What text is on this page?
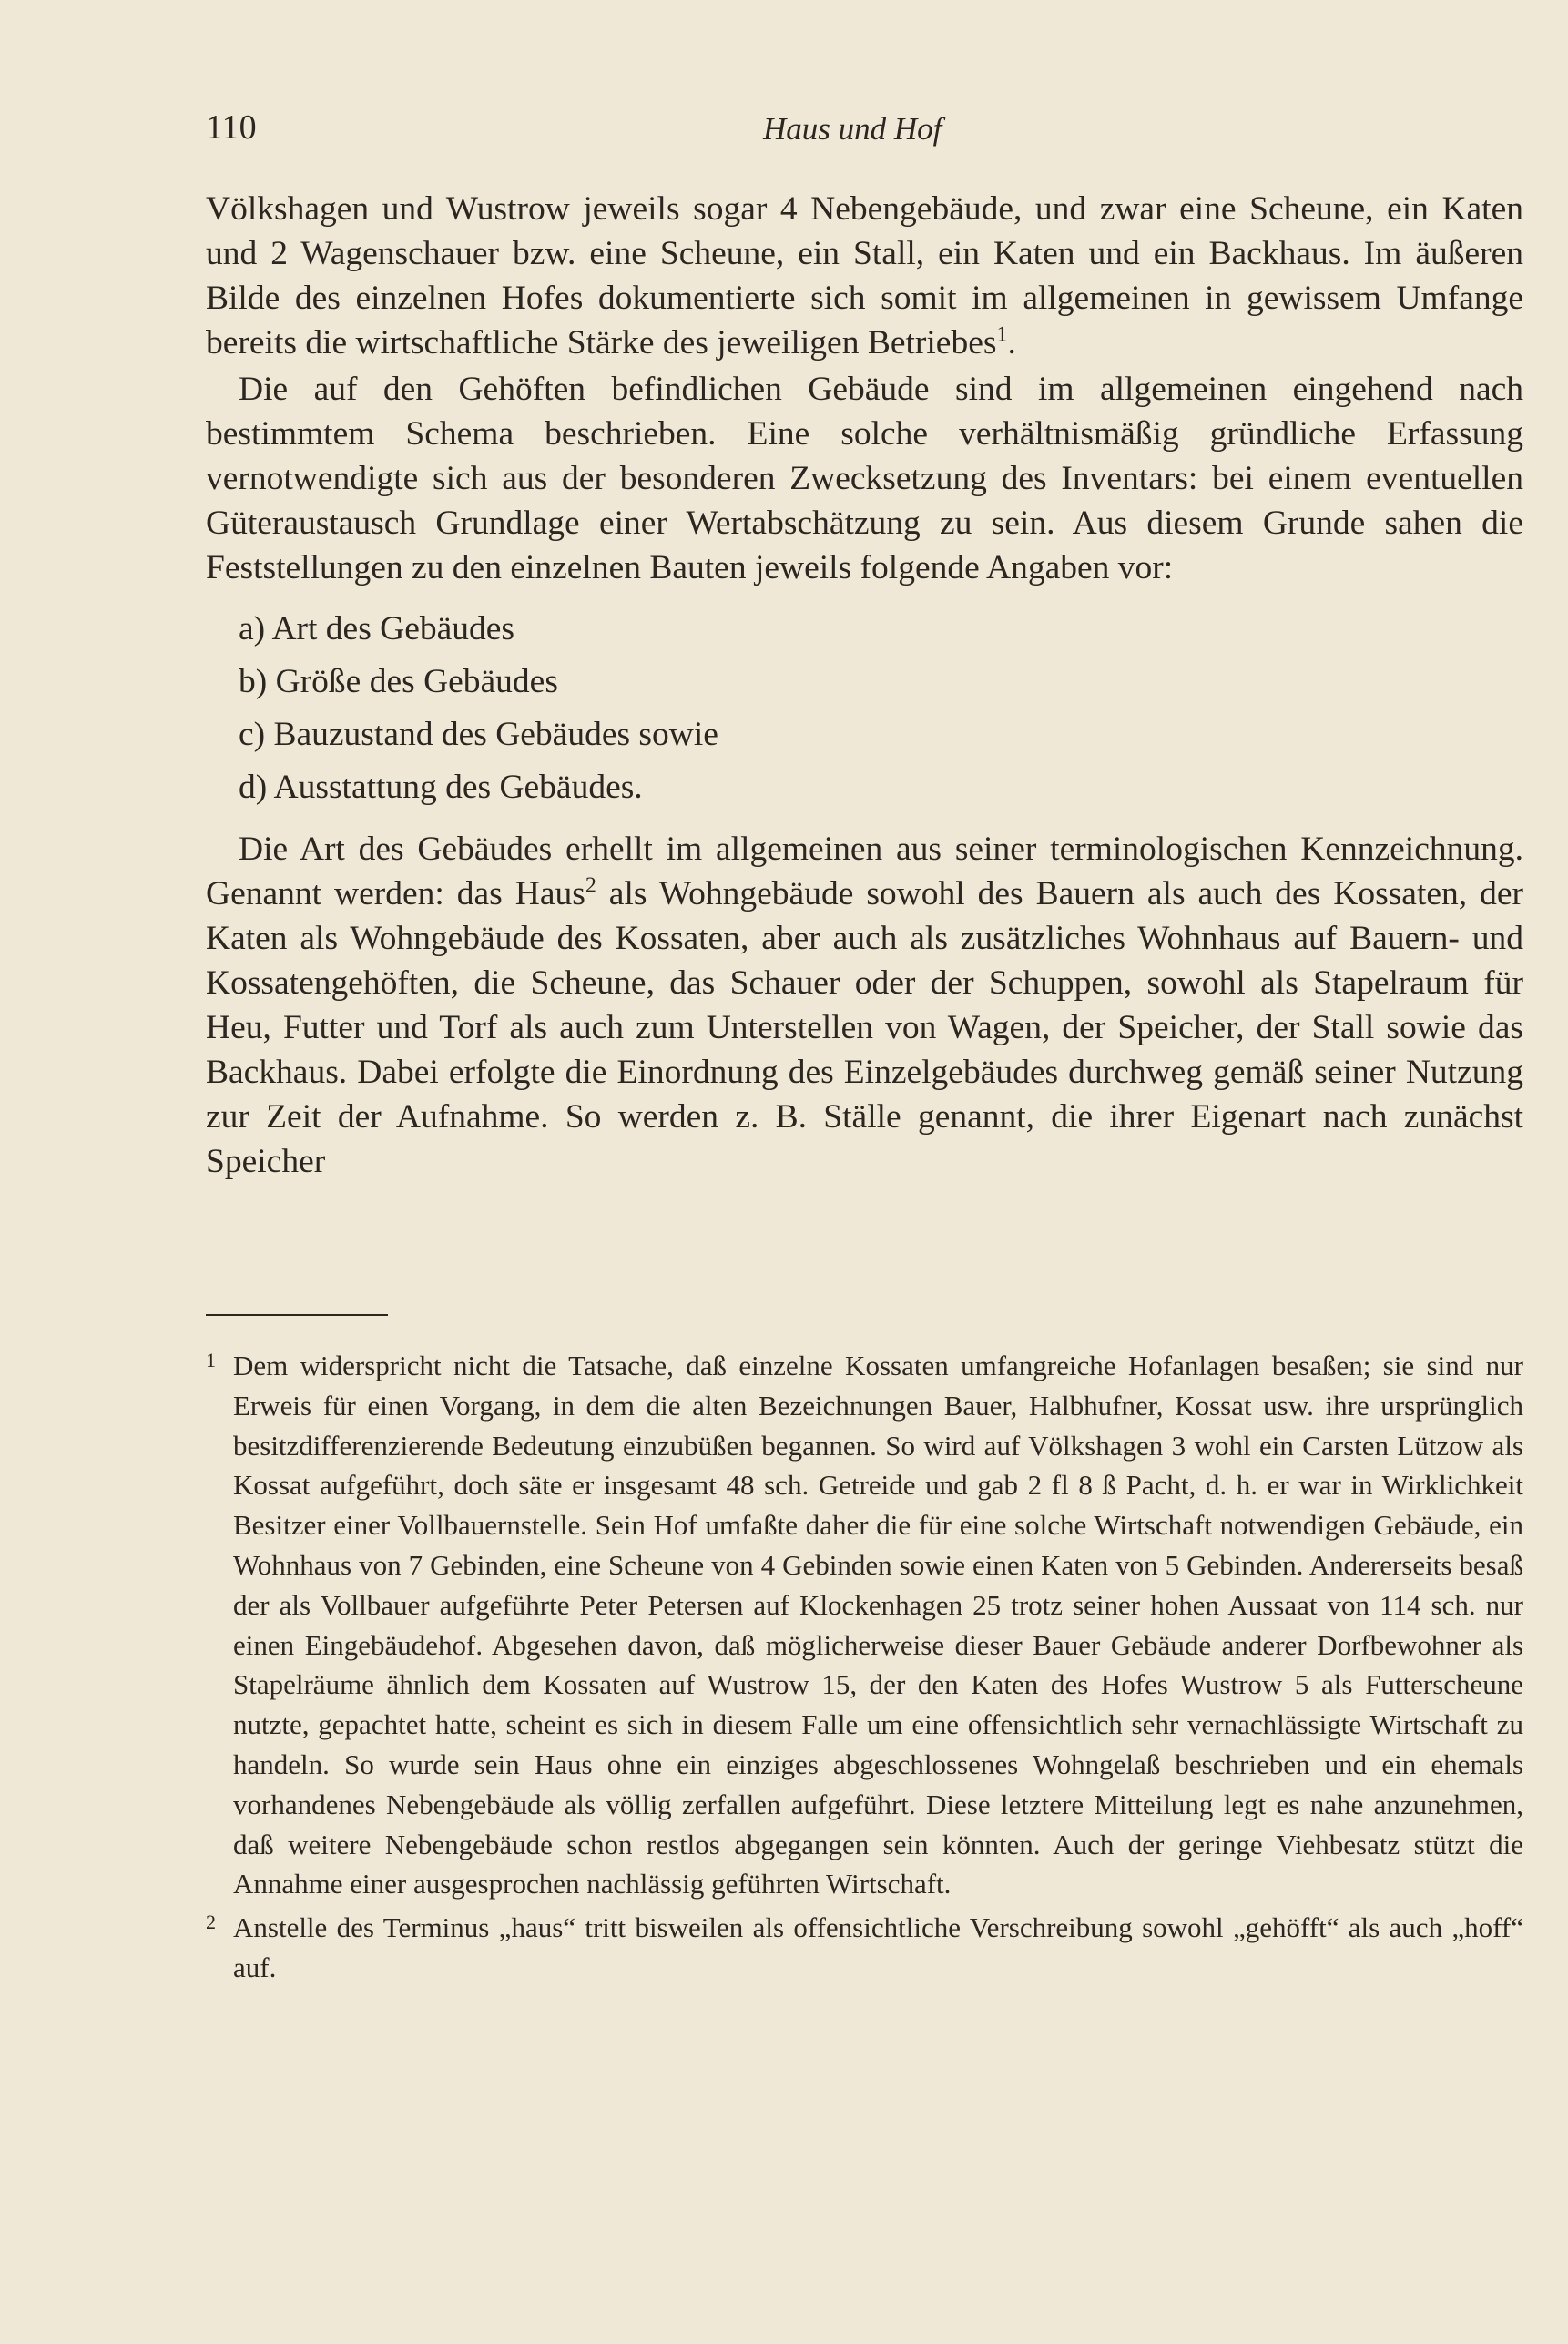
110	Haus und Hof

Völkshagen und Wustrow jeweils sogar 4 Nebengebäude, und zwar eine Scheune, ein Katen und 2 Wagenschauer bzw. eine Scheune, ein Stall, ein Katen und ein Backhaus. Im äußeren Bilde des einzelnen Hofes dokumentierte sich somit im allgemeinen in gewissem Umfange bereits die wirtschaftliche Stärke des jeweiligen Betriebes$^1$.

Die auf den Gehöften befindlichen Gebäude sind im allgemeinen eingehend nach bestimmtem Schema beschrieben. Eine solche verhältnismäßig gründliche Erfassung vernotwendigte sich aus der besonderen Zwecksetzung des Inventars: bei einem eventuellen Güteraustausch Grundlage einer Wertabschätzung zu sein. Aus diesem Grunde sahen die Feststellungen zu den einzelnen Bauten jeweils folgende Angaben vor:

a) Art des Gebäudes
b) Größe des Gebäudes
c) Bauzustand des Gebäudes sowie
d) Ausstattung des Gebäudes.

Die Art des Gebäudes erhellt im allgemeinen aus seiner terminologischen Kennzeichnung. Genannt werden: das Haus$^2$ als Wohngebäude sowohl des Bauern als auch des Kossaten, der Katen als Wohngebäude des Kossaten, aber auch als zusätzliches Wohnhaus auf Bauern- und Kossatengehöften, die Scheune, das Schauer oder der Schuppen, sowohl als Stapelraum für Heu, Futter und Torf als auch zum Unterstellen von Wagen, der Speicher, der Stall sowie das Backhaus. Dabei erfolgte die Einordnung des Einzelgebäudes durchweg gemäß seiner Nutzung zur Zeit der Aufnahme. So werden z. B. Ställe genannt, die ihrer Eigenart nach zunächst Speicher

1 Dem widerspricht nicht die Tatsache, daß einzelne Kossaten umfangreiche Hofanlagen besaßen; sie sind nur Erweis für einen Vorgang, in dem die alten Bezeichnungen Bauer, Halbhufner, Kossat usw. ihre ursprünglich besitzdifferenzierende Bedeutung einzubüßen begannen. So wird auf Völkshagen 3 wohl ein Carsten Lützow als Kossat aufgeführt, doch säte er insgesamt 48 sch. Getreide und gab 2 fl 8 ß Pacht, d. h. er war in Wirklichkeit Besitzer einer Vollbauernstelle. Sein Hof umfaßte daher die für eine solche Wirtschaft notwendigen Gebäude, ein Wohnhaus von 7 Gebinden, eine Scheune von 4 Gebinden sowie einen Katen von 5 Gebinden. Andererseits besaß der als Vollbauer aufgeführte Peter Petersen auf Klockenhagen 25 trotz seiner hohen Aussaat von 114 sch. nur einen Eingebäudehof. Abgesehen davon, daß möglicherweise dieser Bauer Gebäude anderer Dorfbewohner als Stapelräume ähnlich dem Kossaten auf Wustrow 15, der den Katen des Hofes Wustrow 5 als Futterscheune nutzte, gepachtet hatte, scheint es sich in diesem Falle um eine offensichtlich sehr vernachlässigte Wirtschaft zu handeln. So wurde sein Haus ohne ein einziges abgeschlossenes Wohngelaß beschrieben und ein ehemals vorhandenes Nebengebäude als völlig zerfallen aufgeführt. Diese letztere Mitteilung legt es nahe anzunehmen, daß weitere Nebengebäude schon restlos abgegangen sein könnten. Auch der geringe Viehbesatz stützt die Annahme einer ausgesprochen nachlässig geführten Wirtschaft.

2 Anstelle des Terminus „haus“ tritt bisweilen als offensichtliche Verschreibung sowohl „gehöfft“ als auch „hoff“ auf.
